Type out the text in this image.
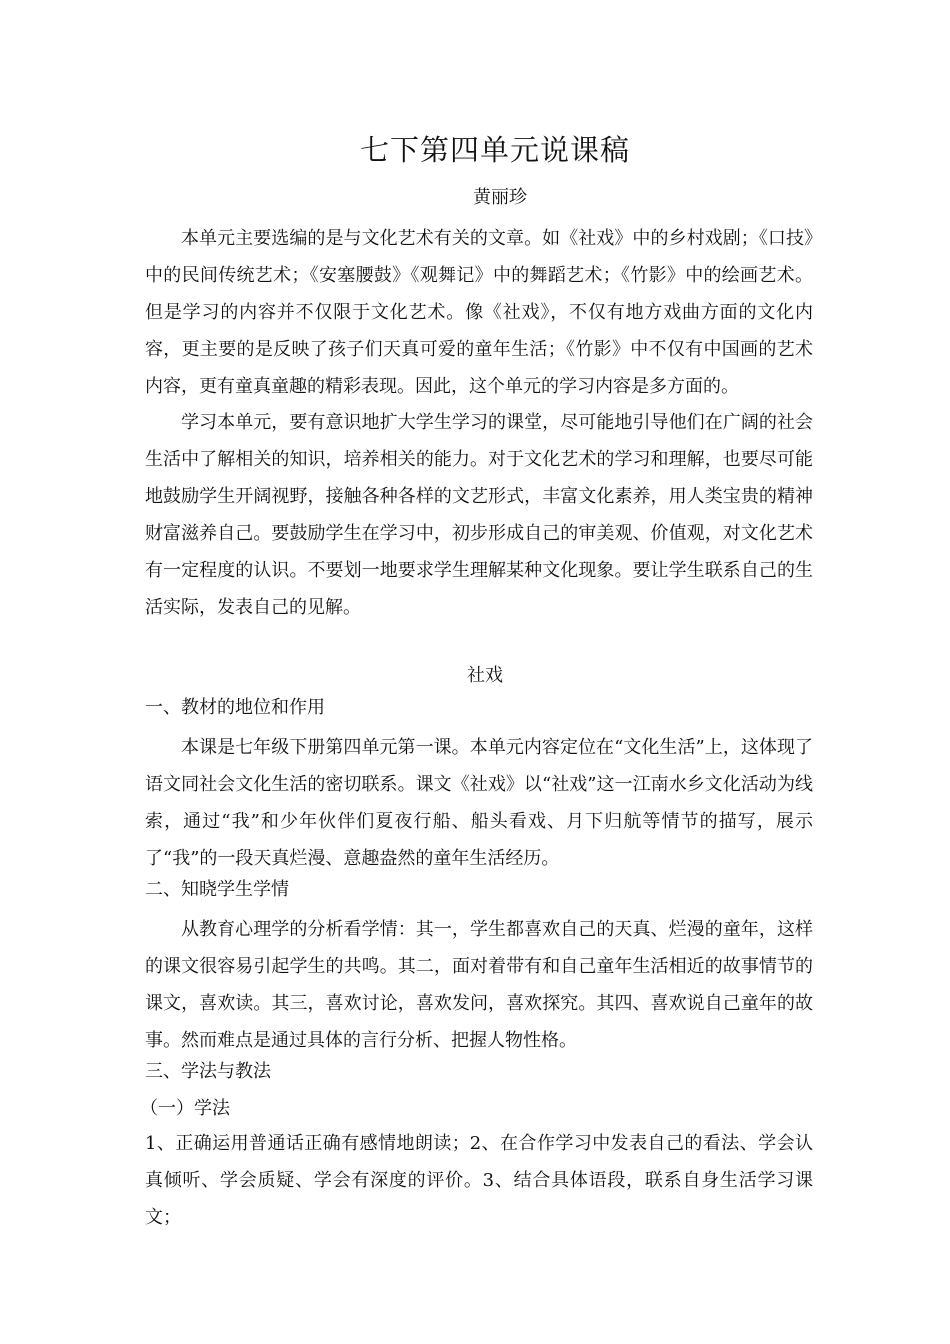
七下第四单元说课稿
黄丽珍
本单元主要选编的是与文化艺术有关的文章。如《社戏》中的乡村戏剧；《口技》中的民间传统艺术；《安塞腰鼓》《观舞记》中的舞蹈艺术；《竹影》中的绘画艺术。但是学习的内容并不仅限于文化艺术。像《社戏》，不仅有地方戏曲方面的文化内容，更主要的是反映了孩子们天真可爱的童年生活；《竹影》中不仅有中国画的艺术内容，更有童真童趣的精彩表现。因此，这个单元的学习内容是多方面的。
学习本单元，要有意识地扩大学生学习的课堂，尽可能地引导他们在广阔的社会生活中了解相关的知识，培养相关的能力。对于文化艺术的学习和理解，也要尽可能地鼓励学生开阔视野，接触各种各样的文艺形式，丰富文化素养，用人类宝贵的精神财富滋养自己。要鼓励学生在学习中，初步形成自己的审美观、价值观，对文化艺术有一定程度的认识。不要划一地要求学生理解某种文化现象。要让学生联系自己的生活实际，发表自己的见解。
社戏
一、教材的地位和作用
本课是七年级下册第四单元第一课。本单元内容定位在“文化生活”上，这体现了语文同社会文化生活的密切联系。课文《社戏》以“社戏”这一江南水乡文化活动为线索，通过“我”和少年伙伴们夏夜行船、船头看戏、月下归航等情节的描写，展示了“我”的一段天真烂漫、意趣盎然的童年生活经历。
二、知晓学生学情
从教育心理学的分析看学情：其一，学生都喜欢自己的天真、烂漫的童年，这样的课文很容易引起学生的共鸣。其二，面对着带有和自己童年生活相近的故事情节的课文，喜欢读。其三，喜欢讨论，喜欢发问，喜欢探究。其四、喜欢说自己童年的故事。然而难点是通过具体的言行分析、把握人物性格。
三、学法与教法
（一）学法
1、正确运用普通话正确有感情地朗读；2、在合作学习中发表自己的看法、学会认真倾听、学会质疑、学会有深度的评价。3、结合具体语段，联系自身生活学习课文；
